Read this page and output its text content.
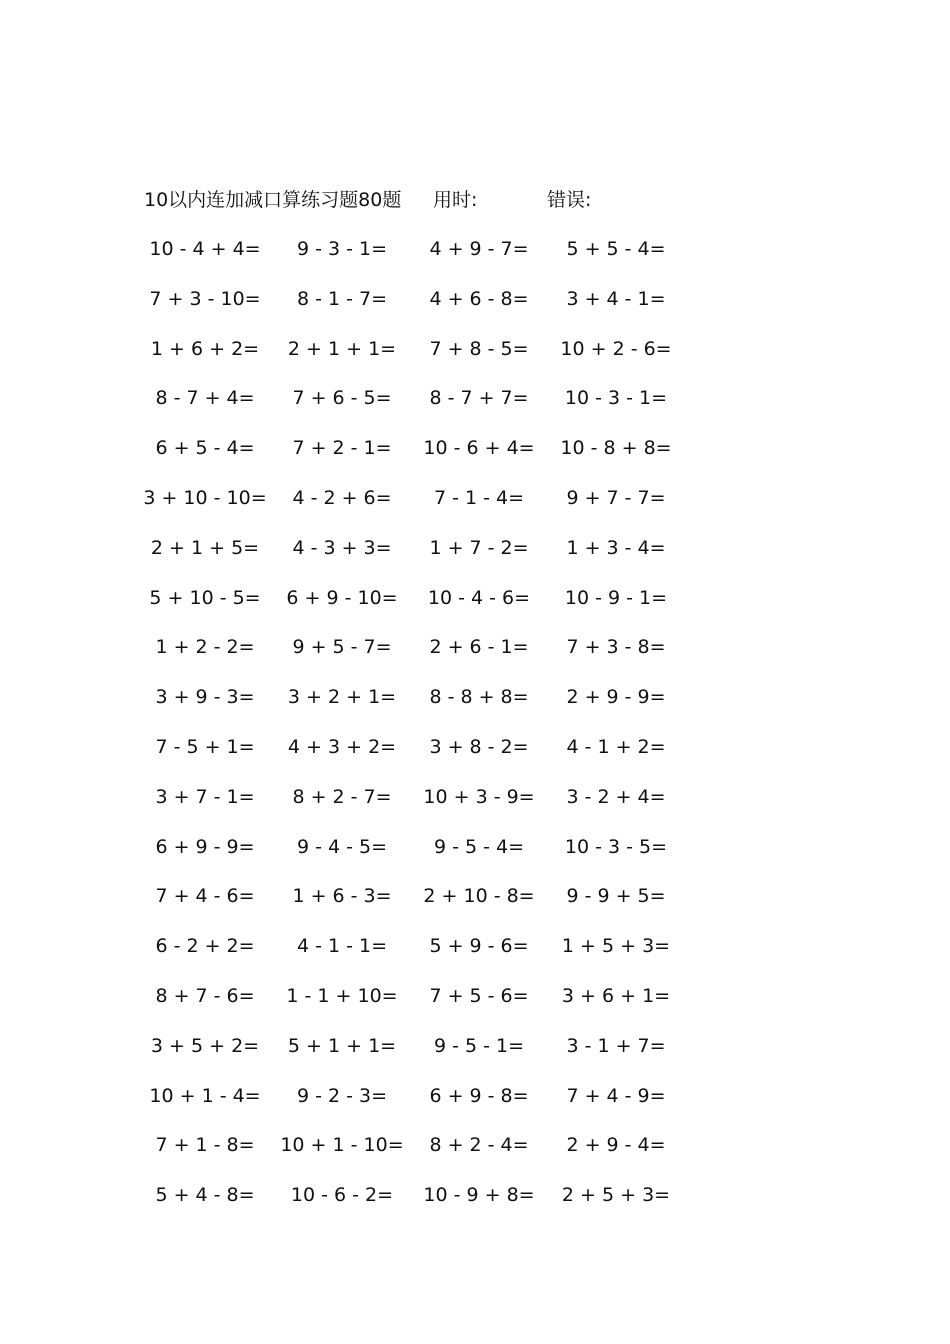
10以内连加减口算练习题80题 用时:	错误:
10 - 4 + 4=	9 - 3 - 1=	4 + 9 - 7=	5 + 5 - 4=
7 + 3 - 10=	8 - 1 - 7=	4 + 6 - 8=	3 + 4 - 1=
1 + 6 + 2=	2 + 1 + 1=	7 + 8 - 5=	10 + 2 - 6=
8 - 7 + 4=	7 + 6 - 5=	8 - 7 + 7=	10 - 3 - 1=
6 + 5 - 4=	7 + 2 - 1=	10 - 6 + 4=	10 - 8 + 8=
3 + 10 - 10=	4 - 2 + 6=	7 - 1 - 4=	9 + 7 - 7=
2 + 1 + 5=	4 - 3 + 3=	1 + 7 - 2=	1 + 3 - 4=
5 + 10 - 5=	6 + 9 - 10=	10 - 4 - 6=	10 - 9 - 1=
1 + 2 - 2=	9 + 5 - 7=	2 + 6 - 1=	7 + 3 - 8=
3 + 9 - 3=	3 + 2 + 1=	8 - 8 + 8=	2 + 9 - 9=
7 - 5 + 1=	4 + 3 + 2=	3 + 8 - 2=	4 - 1 + 2=
3 + 7 - 1=	8 + 2 - 7=	10 + 3 - 9=	3 - 2 + 4=
6 + 9 - 9=	9 - 4 - 5=	9 - 5 - 4=	10 - 3 - 5=
7 + 4 - 6=	1 + 6 - 3=	2 + 10 - 8=	9 - 9 + 5=
6 - 2 + 2=	4 - 1 - 1=	5 + 9 - 6=	1 + 5 + 3=
8 + 7 - 6=	1 - 1 + 10=	7 + 5 - 6=	3 + 6 + 1=
3 + 5 + 2=	5 + 1 + 1=	9 - 5 - 1=	3 - 1 + 7=
10 + 1 - 4=	9 - 2 - 3=	6 + 9 - 8=	7 + 4 - 9=
7 + 1 - 8=	10 + 1 - 10=	8 + 2 - 4=	2 + 9 - 4=
5 + 4 - 8=	10 - 6 - 2=	10 - 9 + 8=	2 + 5 + 3=
